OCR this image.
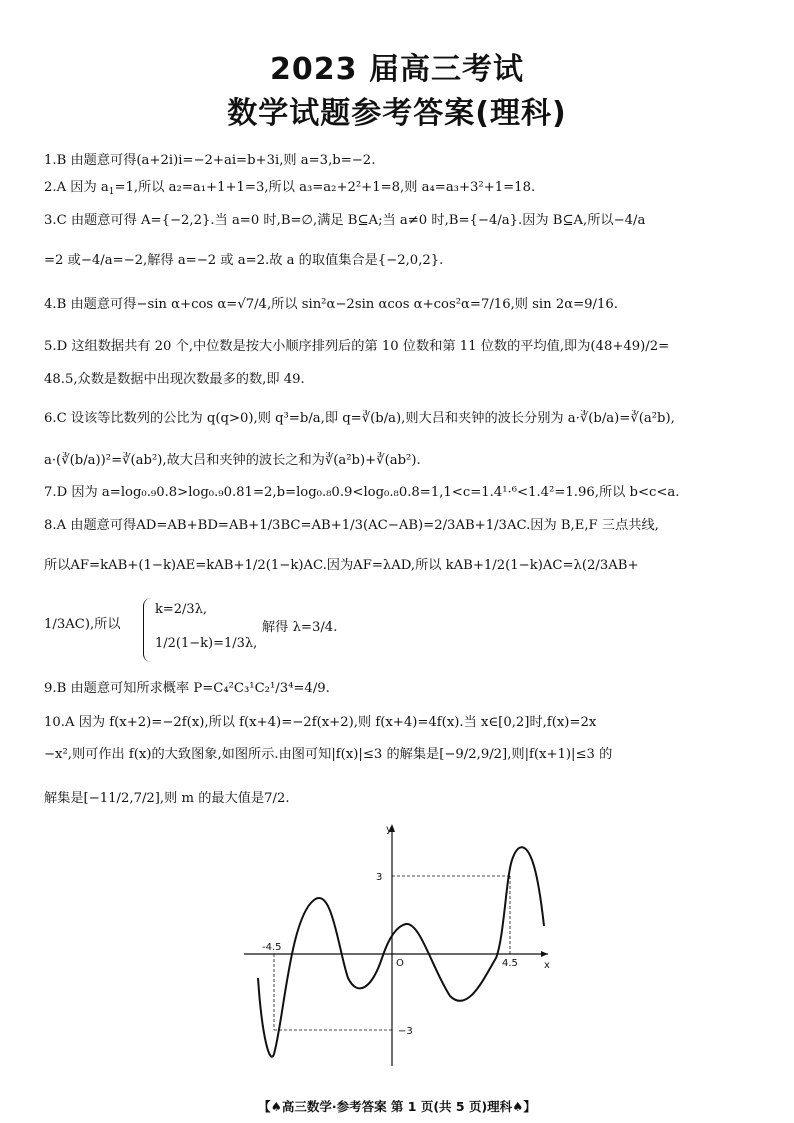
2023 届高三考试
数学试题参考答案(理科)
1.B 由题意可得(a+2i)i=−2+ai=b+3i,则 a=3,b=−2.
2.A 因为 $a_1=1$,所以 a₂=a₁+1+1=3,所以 a₃=a₂+2²+1=8,则 a₄=a₃+3²+1=18.
3.C 由题意可得 A={−2,2}.当 a=0 时,B=∅,满足 B⊆A;当 a≠0 时,B={−4/a}.因为 B⊆A,所以−4/a
=2 或−4/a=−2,解得 a=−2 或 a=2.故 a 的取值集合是{−2,0,2}.
4.B 由题意可得−sin α+cos α=√7/4,所以 sin²α−2sin αcos α+cos²α=7/16,则 sin 2α=9/16.
5.D 这组数据共有 20 个,中位数是按大小顺序排列后的第 10 位数和第 11 位数的平均值,即为(48+49)/2=
48.5,众数是数据中出现次数最多的数,即 49.
6.C 设该等比数列的公比为 q(q>0),则 q³=b/a,即 q=∛(b/a),则大吕和夹钟的波长分别为 a·∛(b/a)=∛(a²b),
a·(∛(b/a))²=∛(ab²),故大吕和夹钟的波长之和为∛(a²b)+∛(ab²).
7.D 因为 a=log₀.₉0.8>log₀.₉0.81=2,b=log₀.₈0.9<log₀.₈0.8=1,1<c=1.4¹·⁶<1.4²=1.96,所以 b<c<a.
8.A 由题意可得AD=AB+BD=AB+1/3BC=AB+1/3(AC−AB)=2/3AB+1/3AC.因为 B,E,F 三点共线,
所以AF=kAB+(1−k)AE=kAB+1/2(1−k)AC.因为AF=λAD,所以 kAB+1/2(1−k)AC=λ(2/3AB+
1/3AC),所以
k=2/3λ,
1/2(1−k)=1/3λ,
解得 λ=3/4.
9.B 由题意可知所求概率 P=C₄²C₃¹C₂¹/3⁴=4/9.
10.A 因为 f(x+2)=−2f(x),所以 f(x+4)=−2f(x+2),则 f(x+4)=4f(x).当 x∈[0,2]时,f(x)=2x
−x²,则可作出 f(x)的大致图象,如图所示.由图可知|f(x)|≤3 的解集是[−9/2,9/2],则|f(x+1)|≤3 的
解集是[−11/2,7/2],则 m 的最大值是7/2.
y
x
O
3
−3
-4.5
4.5
【♠高三数学·参考答案 第 1 页(共 5 页)理科♠】
